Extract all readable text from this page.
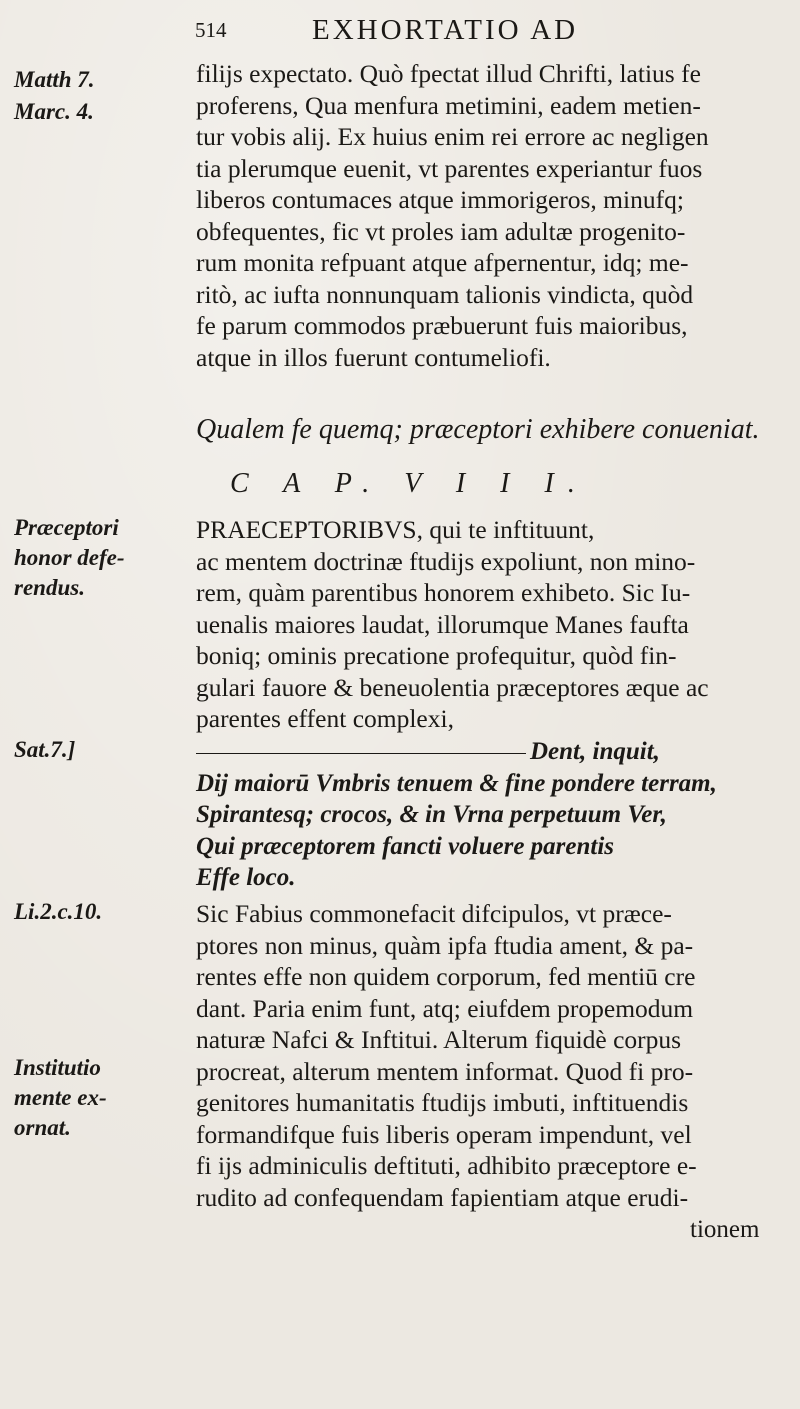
514	EXHORTATIO AD
Matth 7.
Marc. 4.
Præceptori
honor defe-
rendus.
Sat.7.]
Li.2.c.10.
Institutio
mente ex-
ornat.
filijs expectato. Quò fpectat illud Chrifti, latius fe
proferens, Qua menfura metimini, eadem metien-
tur vobis alij. Ex huius enim rei errore ac negligen
tia plerumque euenit, vt parentes experiantur fuos
liberos contumaces atque immorigeros, minufq;
obfequentes, fic vt proles iam adultæ progenito-
rum monita refpuant atque afpernentur, idq; me-
ritò, ac iufta nonnunquam talionis vindicta, quòd
fe parum commodos præbuerunt fuis maioribus,
atque in illos fuerunt contumeliofi.
Qualem fe quemq; præceptori exhibere conueniat.
C A P. V I I I.
PRAECEPTORIBVS, qui te inftituunt,
ac mentem doctrinæ ftudijs expoliunt, non mino-
rem, quàm parentibus honorem exhibeto. Sic Iu-
uenalis maiores laudat, illorumque Manes faufta
boniq; ominis precatione profequitur, quòd fin-
gulari fauore & beneuolentia præceptores æque ac
parentes effent complexi,
Dent, inquit,
Dij maiorū Vmbris tenuem & fine pondere terram,
Spirantesq; crocos, & in Vrna perpetuum Ver,
Qui præceptorem fancti voluere parentis
Effe loco.
Sic Fabius commonefacit difcipulos, vt præce-
ptores non minus, quàm ipfa ftudia ament, & pa-
rentes effe non quidem corporum, fed mentiū cre
dant. Paria enim funt, atq; eiufdem propemodum
naturæ Nafci & Inftitui. Alterum fiquidè corpus
procreat, alterum mentem informat. Quod fi pro-
genitores humanitatis ftudijs imbuti, inftituendis
formandifque fuis liberis operam impendunt, vel
fi ijs adminiculis deftituti, adhibito præceptore e-
rudito ad confequendam fapientiam atque erudi-
tionem
